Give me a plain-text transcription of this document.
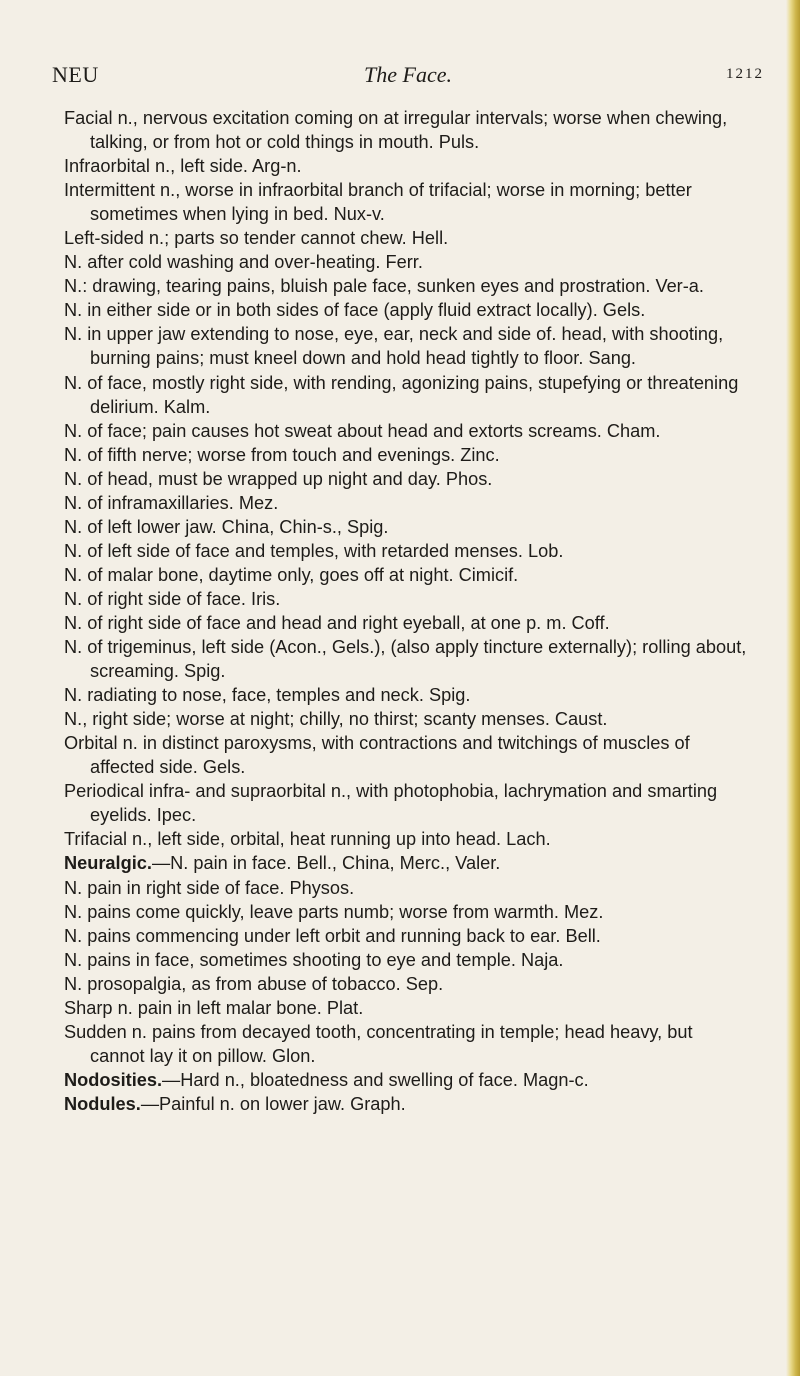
The Face.
NEU	1212

Facial n., nervous excitation coming on at irregular intervals; worse when chewing, talking, or from hot or cold things in mouth. Puls.

Infraorbital n., left side. Arg-n.

Intermittent n., worse in infraorbital branch of trifacial; worse in morning; better sometimes when lying in bed. Nux-v.

Left-sided n.; parts so tender cannot chew. Hell.

N. after cold washing and over-heating. Ferr.

N.: drawing, tearing pains, bluish pale face, sunken eyes and prostration. Ver-a.

N. in either side or in both sides of face (apply fluid extract locally). Gels.

N. in upper jaw extending to nose, eye, ear, neck and side of. head, with shooting, burning pains; must kneel down and hold head tightly to floor. Sang.

N. of face, mostly right side, with rending, agonizing pains, stupefying or threatening delirium. Kalm.

N. of face; pain causes hot sweat about head and extorts screams. Cham.

N. of fifth nerve; worse from touch and evenings. Zinc.

N. of head, must be wrapped up night and day. Phos.

N. of inframaxillaries. Mez.

N. of left lower jaw. China, Chin-s., Spig.

N. of left side of face and temples, with retarded menses. Lob.

N. of malar bone, daytime only, goes off at night. Cimicif.

N. of right side of face. Iris.

N. of right side of face and head and right eyeball, at one p. m. Coff.

N. of trigeminus, left side (Acon., Gels.), (also apply tincture externally); rolling about, screaming. Spig.

N. radiating to nose, face, temples and neck. Spig.

N., right side; worse at night; chilly, no thirst; scanty menses. Caust.

Orbital n. in distinct paroxysms, with contractions and twitchings of muscles of affected side. Gels.

Periodical infra- and supraorbital n., with photophobia, lachrymation and smarting eyelids. Ipec.

Trifacial n., left side, orbital, heat running up into head. Lach.

Neuralgic.—N. pain in face. Bell., China, Merc., Valer.

N. pain in right side of face. Physos.

N. pains come quickly, leave parts numb; worse from warmth. Mez.

N. pains commencing under left orbit and running back to ear. Bell.

N. pains in face, sometimes shooting to eye and temple. Naja.

N. prosopalgia, as from abuse of tobacco. Sep.

Sharp n. pain in left malar bone. Plat.

Sudden n. pains from decayed tooth, concentrating in temple; head heavy, but cannot lay it on pillow. Glon.

Nodosities.—Hard n., bloatedness and swelling of face. Magn-c.

Nodules.—Painful n. on lower jaw. Graph.
